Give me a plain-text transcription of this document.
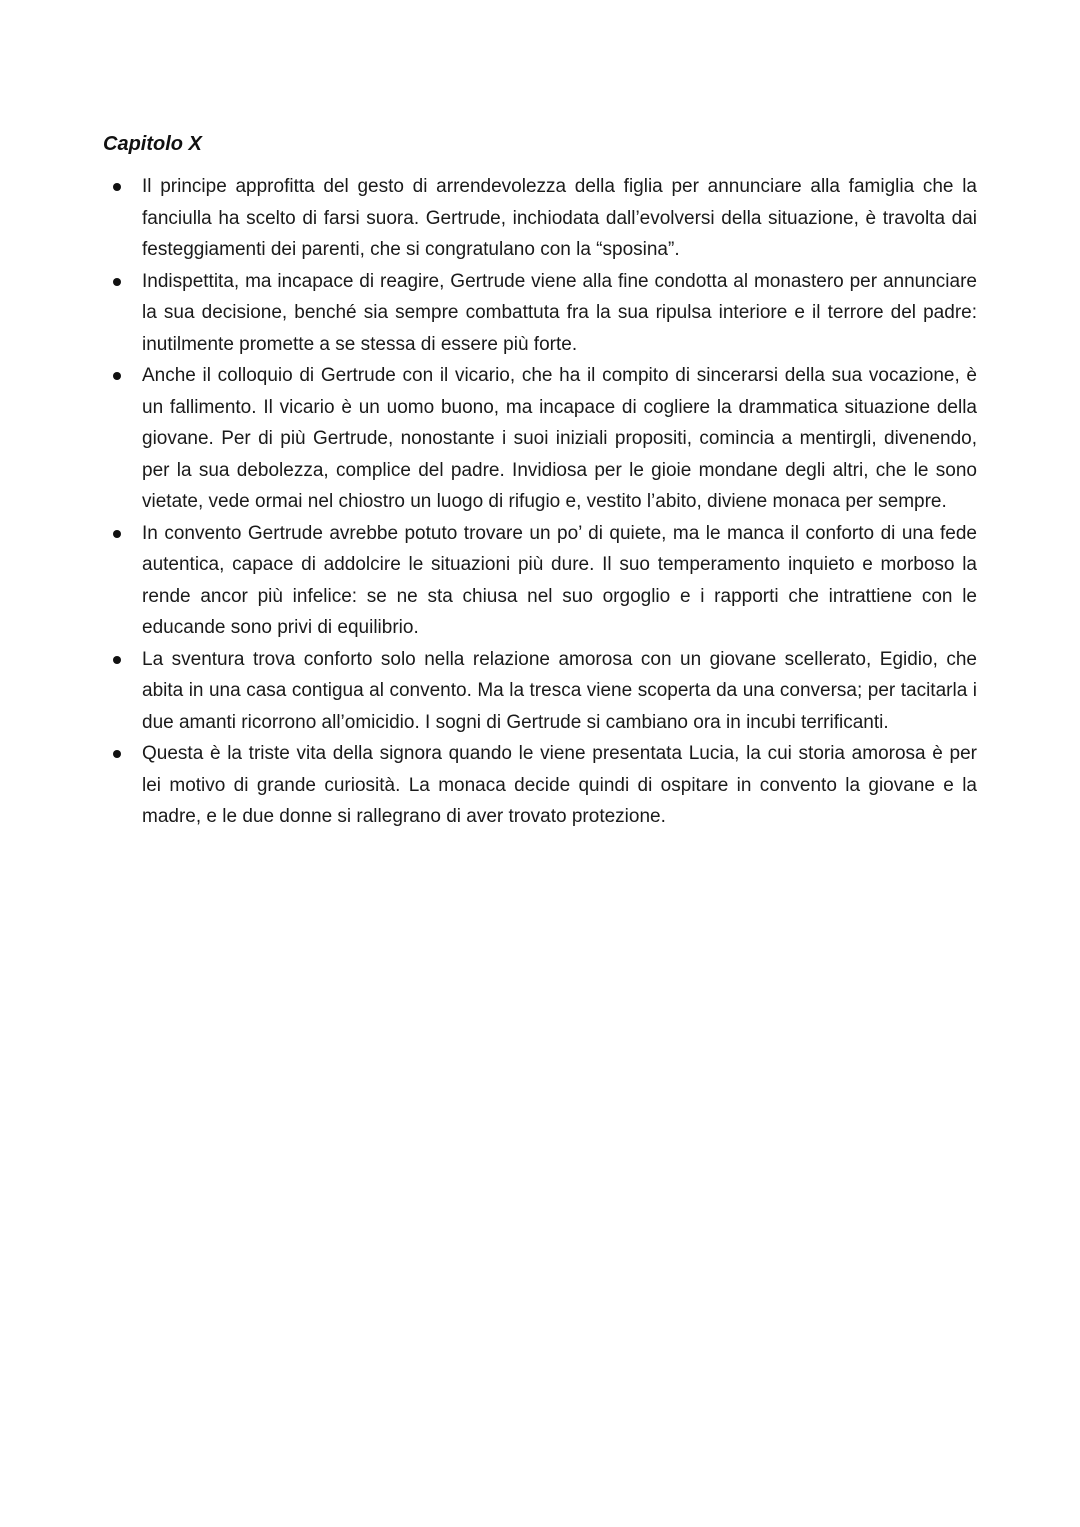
Capitolo X
Il principe approfitta del gesto di arrendevolezza della figlia per annunciare alla famiglia che la fanciulla ha scelto di farsi suora. Gertrude, inchiodata dall’evolversi della situazione, è travolta dai festeggiamenti dei parenti, che si congratulano con la “sposina”.
Indispettita, ma incapace di reagire, Gertrude viene alla fine condotta al monastero per annunciare la sua decisione, benché sia sempre combattuta fra la sua ripulsa interiore e il terrore del padre: inutilmente promette a se stessa di essere più forte.
Anche il colloquio di Gertrude con il vicario, che ha il compito di sincerarsi della sua vocazione, è un fallimento. Il vicario è un uomo buono, ma incapace di cogliere la drammatica situazione della giovane. Per di più Gertrude, nonostante i suoi iniziali propositi, comincia a mentirgli, divenendo, per la sua debolezza, complice del padre. Invidiosa per le gioie mondane degli altri, che le sono vietate, vede ormai nel chiostro un luogo di rifugio e, vestito l’abito, diviene monaca per sempre.
In convento Gertrude avrebbe potuto trovare un po’ di quiete, ma le manca il conforto di una fede autentica, capace di addolcire le situazioni più dure. Il suo temperamento inquieto e morboso la rende ancor più infelice: se ne sta chiusa nel suo orgoglio e i rapporti che intrattiene con le educande sono privi di equilibrio.
La sventura trova conforto solo nella relazione amorosa con un giovane scellerato, Egidio, che abita in una casa contigua al convento. Ma la tresca viene scoperta da una conversa; per tacitarla i due amanti ricorrono all’omicidio. I sogni di Gertrude si cambiano ora in incubi terrificanti.
Questa è la triste vita della signora quando le viene presentata Lucia, la cui storia amorosa è per lei motivo di grande curiosità. La monaca decide quindi di ospitare in convento la giovane e la madre, e le due donne si rallegrano di aver trovato protezione.
